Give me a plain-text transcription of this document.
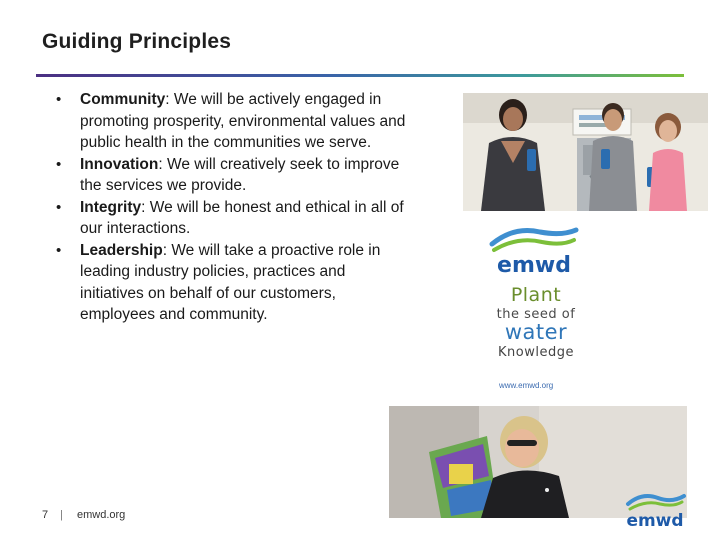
Guiding Principles
• Community: We will be actively engaged in promoting prosperity, environmental values and public health in the communities we serve.
• Innovation: We will creatively seek to improve the services we provide.
• Integrity: We will be honest and ethical in all of our interactions.
• Leadership: We will take a proactive role in leading industry policies, practices and initiatives on behalf of our customers, employees and community.
emwd
Plant
the seed of
water
Knowledge
www.emwd.org
7 | emwd.org	emwd
